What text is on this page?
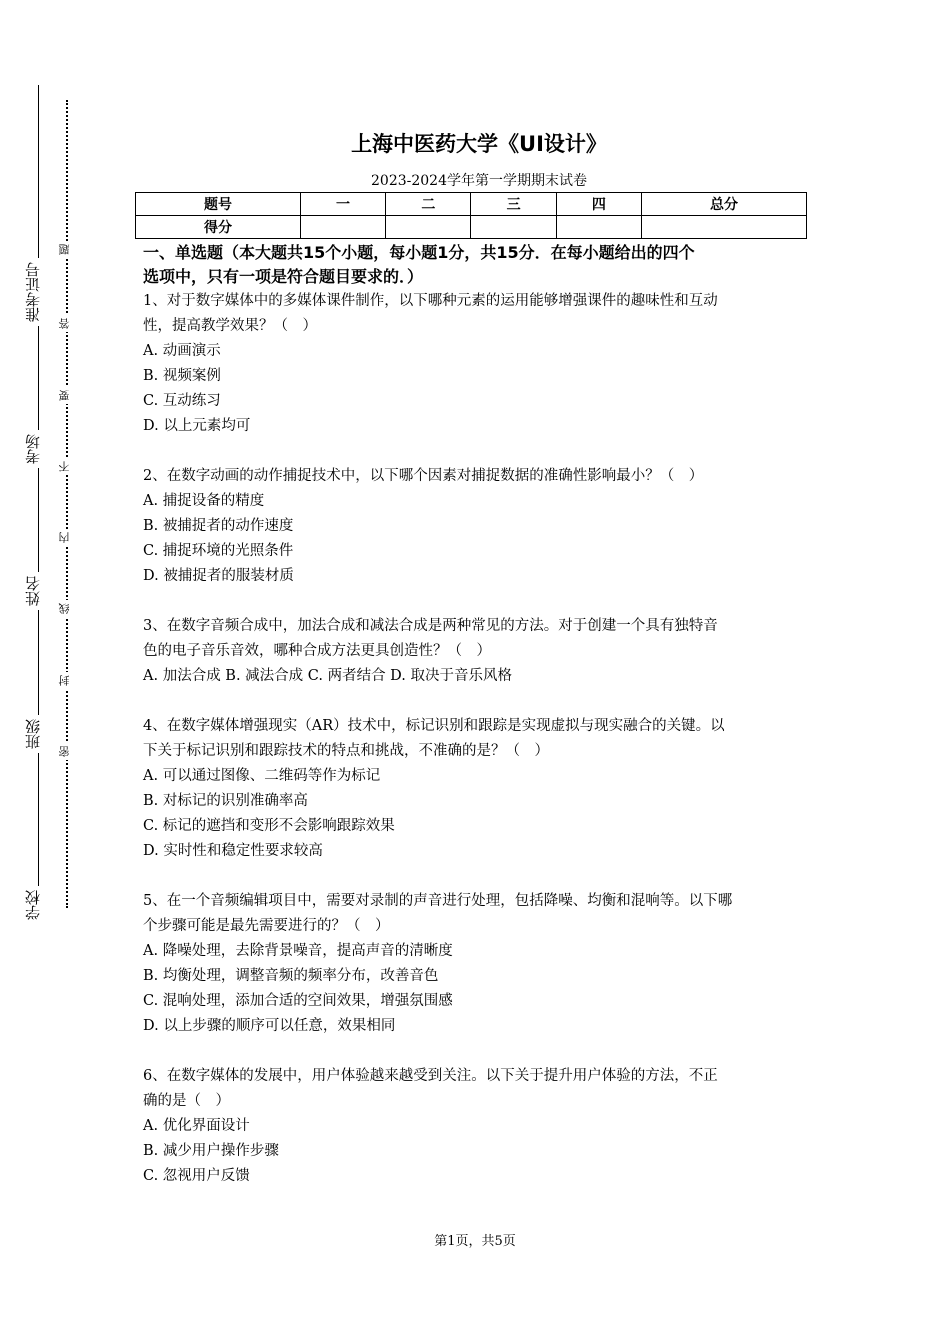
准考证号
考场
姓名
班级
学校
题
答
要
不
内
线
封
密
上海中医药大学《UI设计》
2023-2024学年第一学期期末试卷
题号	一	二	三	四	总分
得分					
一、单选题（本大题共15个小题，每小题1分，共15分．在每小题给出的四个
选项中，只有一项是符合题目要求的．）

1、对于数字媒体中的多媒体课件制作，以下哪种元素的运用能够增强课件的趣味性和互动

性，提高教学效果？（　）

A. 动画演示
B. 视频案例
C. 互动练习
D. 以上元素均可

2、在数字动画的动作捕捉技术中，以下哪个因素对捕捉数据的准确性影响最小？（　）

A. 捕捉设备的精度
B. 被捕捉者的动作速度
C. 捕捉环境的光照条件
D. 被捕捉者的服装材质

3、在数字音频合成中，加法合成和减法合成是两种常见的方法。对于创建一个具有独特音

色的电子音乐音效，哪种合成方法更具创造性？（　）

A. 加法合成 B. 减法合成 C. 两者结合 D. 取决于音乐风格

4、在数字媒体增强现实（AR）技术中，标记识别和跟踪是实现虚拟与现实融合的关键。以

下关于标记识别和跟踪技术的特点和挑战，不准确的是？（　）

A. 可以通过图像、二维码等作为标记
B. 对标记的识别准确率高
C. 标记的遮挡和变形不会影响跟踪效果
D. 实时性和稳定性要求较高

5、在一个音频编辑项目中，需要对录制的声音进行处理，包括降噪、均衡和混响等。以下哪

个步骤可能是最先需要进行的？（　）

A. 降噪处理，去除背景噪音，提高声音的清晰度
B. 均衡处理，调整音频的频率分布，改善音色
C. 混响处理，添加合适的空间效果，增强氛围感
D. 以上步骤的顺序可以任意，效果相同

6、在数字媒体的发展中，用户体验越来越受到关注。以下关于提升用户体验的方法，不正

确的是（　）

A. 优化界面设计
B. 减少用户操作步骤
C. 忽视用户反馈
第1页，共5页
